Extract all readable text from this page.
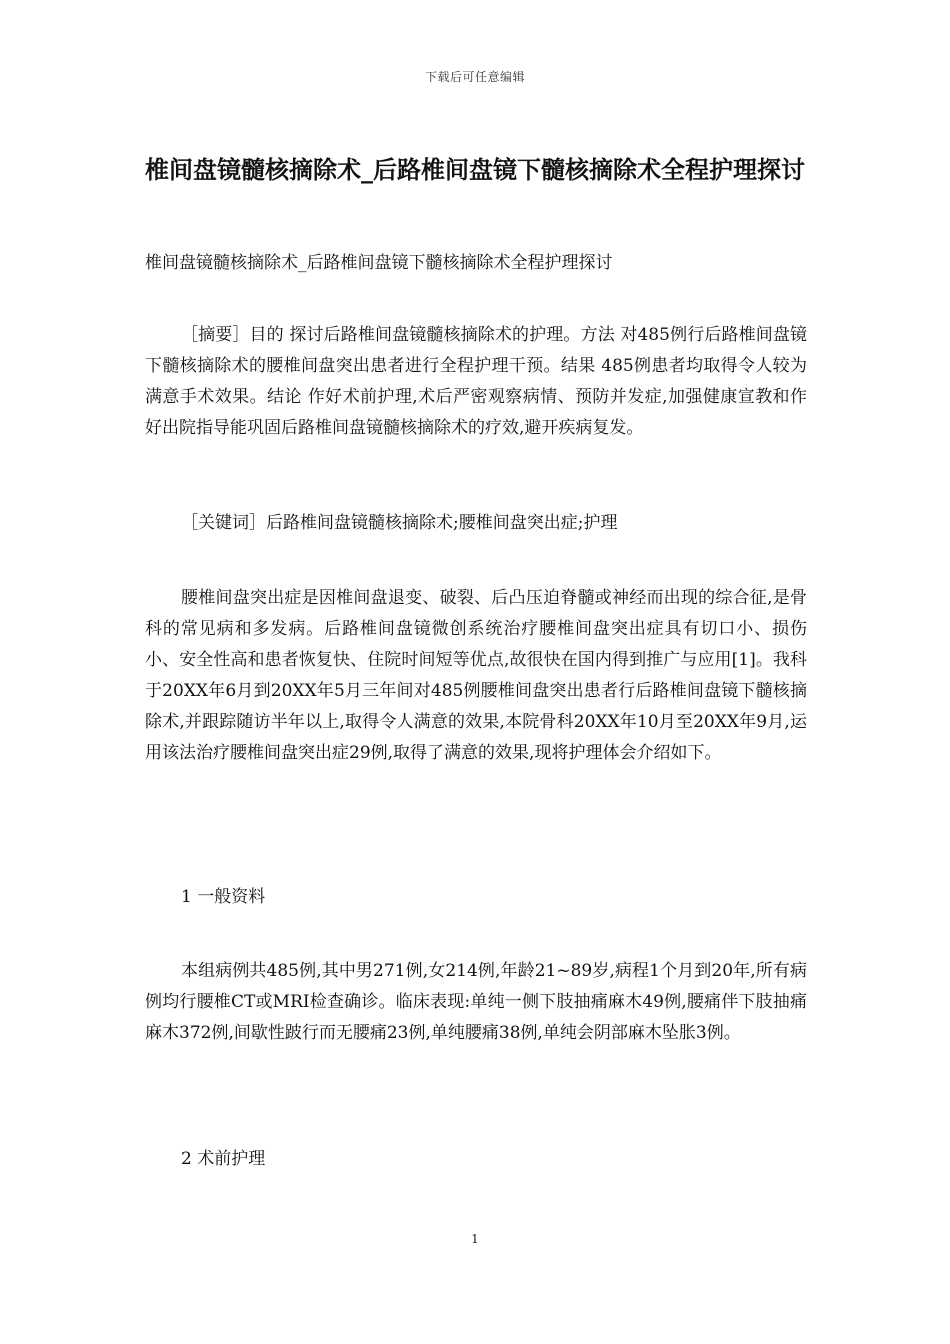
下载后可任意编辑
椎间盘镜髓核摘除术_后路椎间盘镜下髓核摘除术全程护理探讨

椎间盘镜髓核摘除术_后路椎间盘镜下髓核摘除术全程护理探讨

［摘要］目的 探讨后路椎间盘镜髓核摘除术的护理。方法 对485例行后路椎间盘镜下髓核摘除术的腰椎间盘突出患者进行全程护理干预。结果 485例患者均取得令人较为满意手术效果。结论 作好术前护理,术后严密观察病情、预防并发症,加强健康宣教和作好出院指导能巩固后路椎间盘镜髓核摘除术的疗效,避开疾病复发。

［关键词］后路椎间盘镜髓核摘除术;腰椎间盘突出症;护理

腰椎间盘突出症是因椎间盘退变、破裂、后凸压迫脊髓或神经而出现的综合征,是骨科的常见病和多发病。后路椎间盘镜微创系统治疗腰椎间盘突出症具有切口小、损伤小、安全性高和患者恢复快、住院时间短等优点,故很快在国内得到推广与应用[1]。我科于20XX年6月到20XX年5月三年间对485例腰椎间盘突出患者行后路椎间盘镜下髓核摘除术,并跟踪随访半年以上,取得令人满意的效果,本院骨科20XX年10月至20XX年9月,运用该法治疗腰椎间盘突出症29例,取得了满意的效果,现将护理体会介绍如下。

1 一般资料

本组病例共485例,其中男271例,女214例,年龄21~89岁,病程1个月到20年,所有病例均行腰椎CT或MRI检查确诊。临床表现:单纯一侧下肢抽痛麻木49例,腰痛伴下肢抽痛麻木372例,间歇性跛行而无腰痛23例,单纯腰痛38例,单纯会阴部麻木坠胀3例。

2 术前护理

1
